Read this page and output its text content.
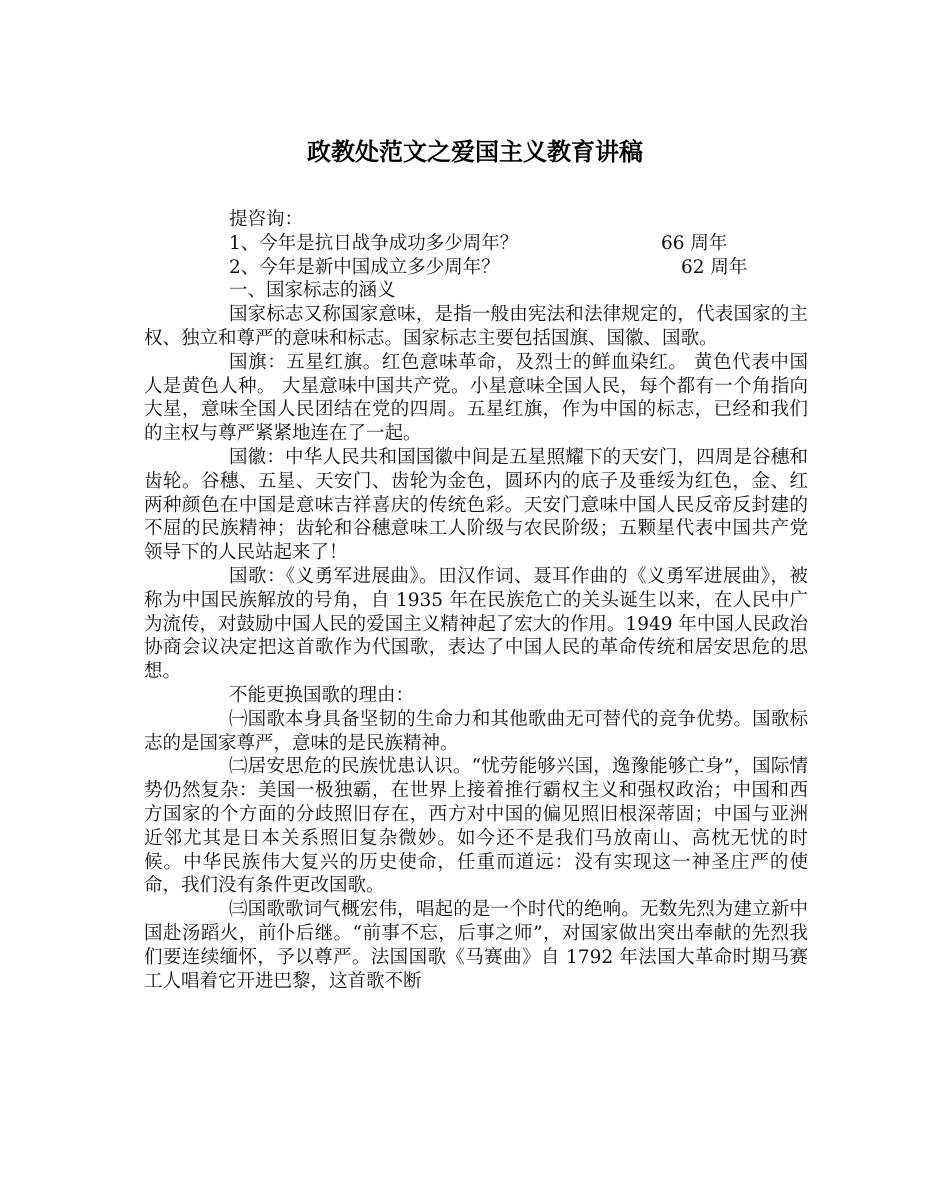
政教处范文之爱国主义教育讲稿

提咨询：

1、今年是抗日战争成功多少周年？	66 周年
2、今年是新中国成立多少周年？	62 周年

一、国家标志的涵义

国家标志又称国家意味，是指一般由宪法和法律规定的，代表国家的主权、独立和尊严的意味和标志。国家标志主要包括国旗、国徽、国歌。

国旗：五星红旗。红色意味革命，及烈士的鲜血染红。 黄色代表中国人是黄色人种。 大星意味中国共产党。小星意味全国人民，每个都有一个角指向大星，意味全国人民团结在党的四周。五星红旗，作为中国的标志，已经和我们的主权与尊严紧紧地连在了一起。

国徽：中华人民共和国国徽中间是五星照耀下的天安门，四周是谷穗和齿轮。谷穗、五星、天安门、齿轮为金色，圆环内的底子及垂绥为红色，金、红两种颜色在中国是意味吉祥喜庆的传统色彩。天安门意味中国人民反帝反封建的不屈的民族精神；齿轮和谷穗意味工人阶级与农民阶级；五颗星代表中国共产党领导下的人民站起来了！

国歌：《义勇军进展曲》。田汉作词、聂耳作曲的《义勇军进展曲》，被称为中国民族解放的号角，自 1935 年在民族危亡的关头诞生以来，在人民中广为流传，对鼓励中国人民的爱国主义精神起了宏大的作用。1949 年中国人民政治协商会议决定把这首歌作为代国歌，表达了中国人民的革命传统和居安思危的思想。

不能更换国歌的理由：

㈠国歌本身具备坚韧的生命力和其他歌曲无可替代的竞争优势。国歌标志的是国家尊严，意味的是民族精神。

㈡居安思危的民族忧患认识。“忧劳能够兴国，逸豫能够亡身”，国际情势仍然复杂：美国一极独霸，在世界上接着推行霸权主义和强权政治；中国和西方国家的个方面的分歧照旧存在，西方对中国的偏见照旧根深蒂固；中国与亚洲近邻尤其是日本关系照旧复杂微妙。如今还不是我们马放南山、高枕无忧的时候。中华民族伟大复兴的历史使命，任重而道远：没有实现这一神圣庄严的使命，我们没有条件更改国歌。

㈢国歌歌词气概宏伟，唱起的是一个时代的绝响。无数先烈为建立新中国赴汤蹈火，前仆后继。“前事不忘，后事之师”，对国家做出突出奉献的先烈我们要连续缅怀，予以尊严。法国国歌《马赛曲》自 1792 年法国大革命时期马赛工人唱着它开进巴黎，这首歌不断
